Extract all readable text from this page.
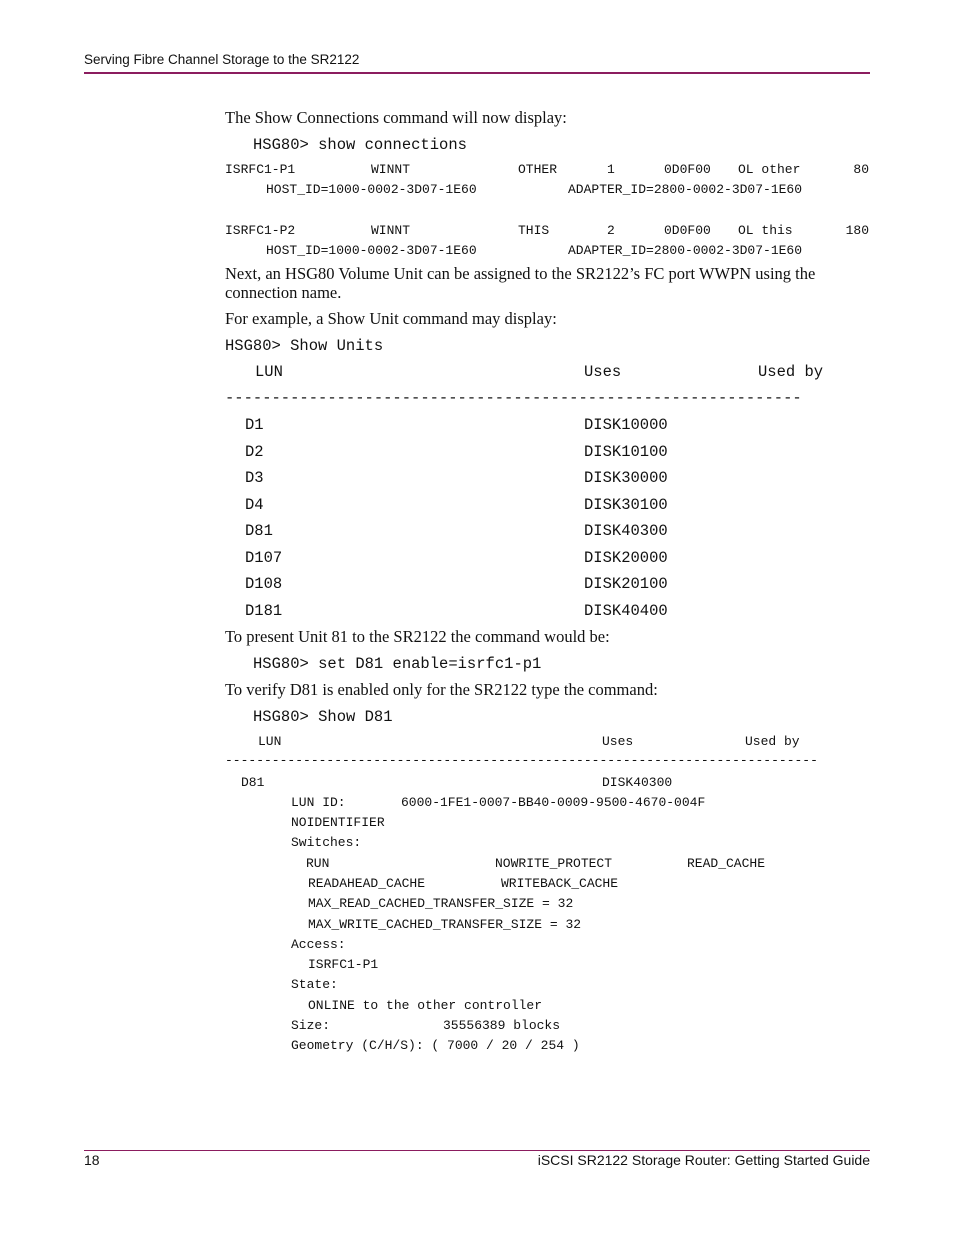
Serving Fibre Channel Storage to the SR2122
The Show Connections command will now display:
HSG80> show connections
ISRFC1-P1	WINNT	OTHER	1	0D0F00 OL other	80
HOST_ID=1000-0002-3D07-1E60	ADAPTER_ID=2800-0002-3D07-1E60
ISRFC1-P2	WINNT	THIS	2	0D0F00 OL this	180
HOST_ID=1000-0002-3D07-1E60	ADAPTER_ID=2800-0002-3D07-1E60
Next, an HSG80 Volume Unit can be assigned to the SR2122’s FC port WWPN using the
connection name.
For example, a Show Unit command may display:
HSG80> Show Units
LUN	Uses	Used by
--------------------------------------------------------------
D1	DISK10000
D2	DISK10100
D3	DISK30000
D4	DISK30100
D81	DISK40300
D107	DISK20000
D108	DISK20100
D181	DISK40400
To present Unit 81 to the SR2122 the command would be:
HSG80> set D81 enable=isrfc1-p1
To verify D81 is enabled only for the SR2122 type the command:
HSG80> Show D81
LUN	Uses	Used by
----------------------------------------------------------------------------
D81	DISK40300
LUN ID:	6000-1FE1-0007-BB40-0009-9500-4670-004F
NOIDENTIFIER
Switches:
RUN	NOWRITE_PROTECT	READ_CACHE
READAHEAD_CACHE	WRITEBACK_CACHE
MAX_READ_CACHED_TRANSFER_SIZE = 32
MAX_WRITE_CACHED_TRANSFER_SIZE = 32
Access:
ISRFC1-P1
State:
ONLINE to the other controller
Size:	35556389 blocks
Geometry (C/H/S): ( 7000 / 20 / 254 )
18	iSCSI SR2122 Storage Router: Getting Started Guide
